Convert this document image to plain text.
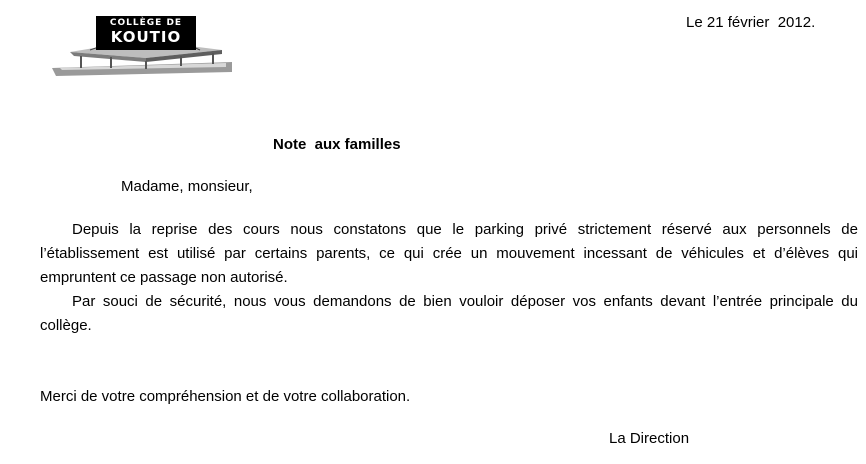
COLLÈGE DE
KOUTIO
Le 21 février  2012.
Note  aux familles
Madame, monsieur,

Depuis la reprise des cours nous constatons que le parking privé strictement réservé aux personnels de l’établissement est utilisé par certains parents, ce qui crée un mouvement incessant de véhicules et d’élèves qui empruntent ce passage non autorisé.

Par souci de sécurité, nous vous demandons de bien vouloir déposer vos enfants devant l’entrée principale du collège.

Merci de votre compréhension et de votre collaboration.
La Direction
